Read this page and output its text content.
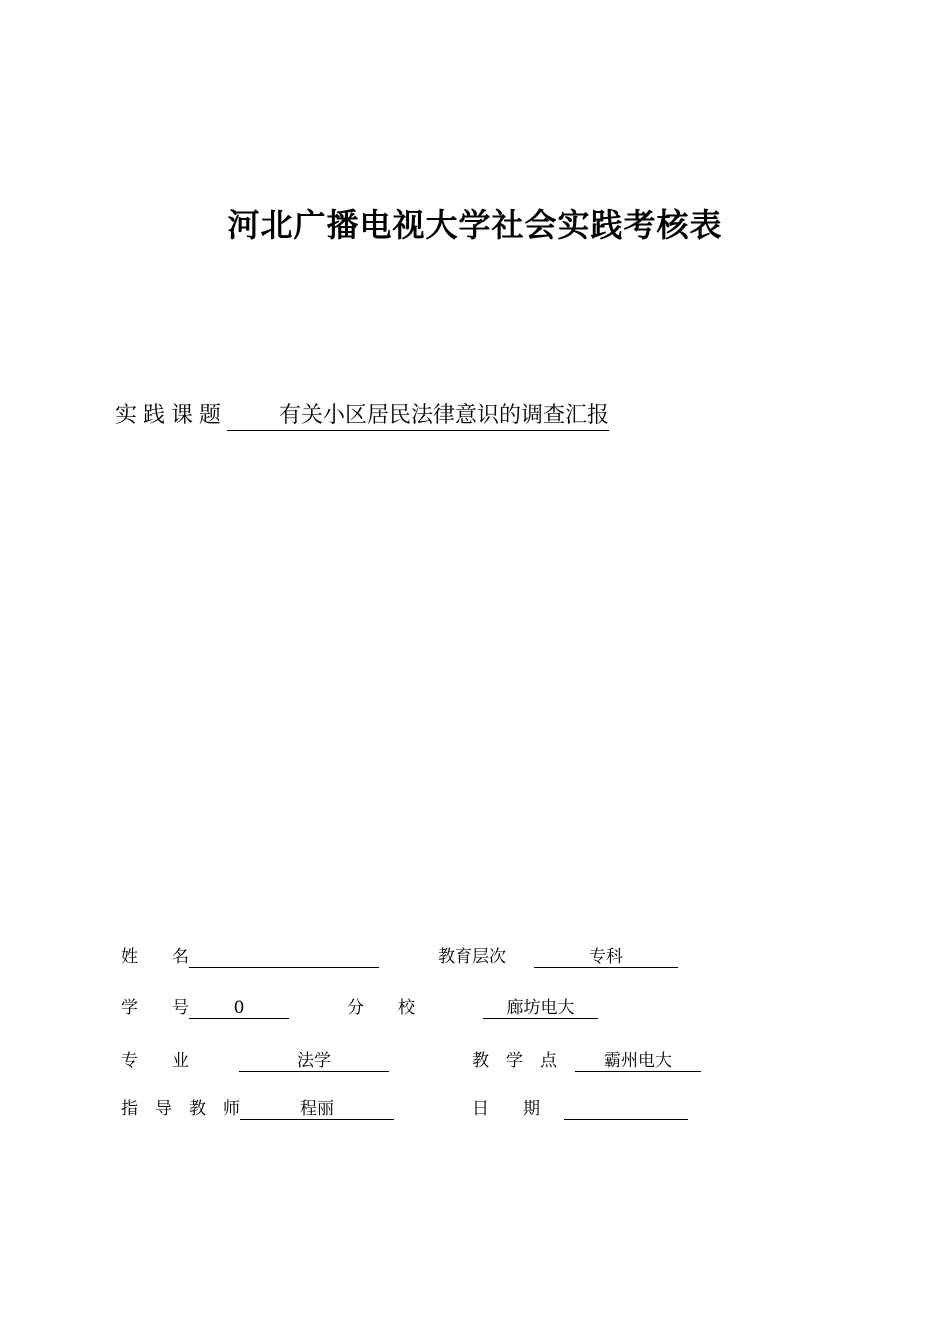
河北广播电视大学社会实践考核表
实践课题 有关小区居民法律意识的调查汇报
姓　　名	教育层次	专科
学　　号	0	分　　校	廊坊电大
专　　业	法学	教　学　点	霸州电大
指　导　教　师	程丽	日　　期
